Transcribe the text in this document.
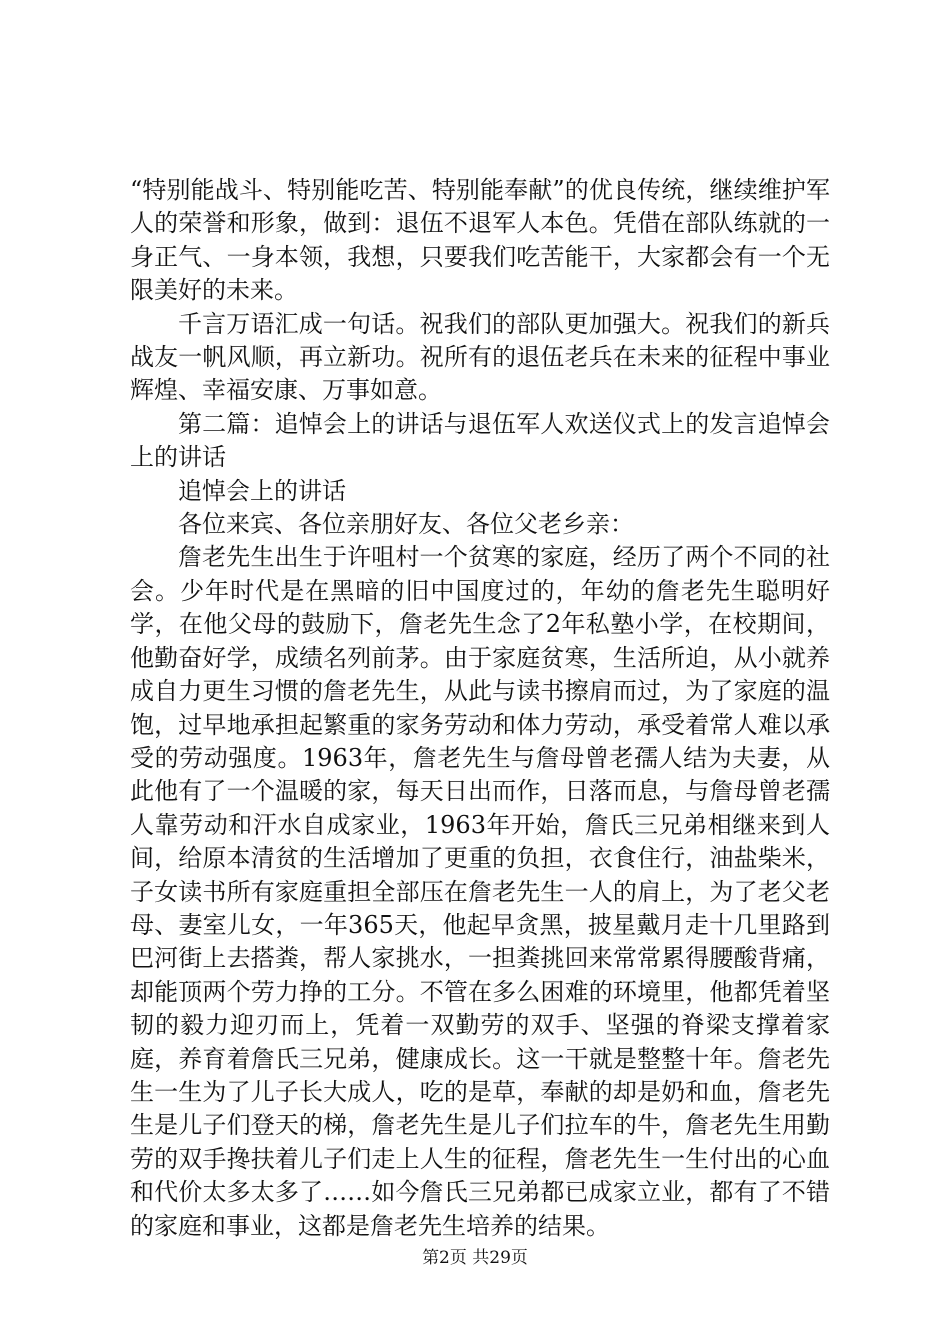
“特别能战斗、特别能吃苦、特别能奉献”的优良传统，继续维护军人的荣誉和形象，做到：退伍不退军人本色。凭借在部队练就的一身正气、一身本领，我想，只要我们吃苦能干，大家都会有一个无限美好的未来。

千言万语汇成一句话。祝我们的部队更加强大。祝我们的新兵战友一帆风顺，再立新功。祝所有的退伍老兵在未来的征程中事业辉煌、幸福安康、万事如意。

第二篇：追悼会上的讲话与退伍军人欢送仪式上的发言追悼会上的讲话

追悼会上的讲话

各位来宾、各位亲朋好友、各位父老乡亲：

詹老先生出生于许咀村一个贫寒的家庭，经历了两个不同的社会。少年时代是在黑暗的旧中国度过的，年幼的詹老先生聪明好学，在他父母的鼓励下，詹老先生念了2年私塾小学，在校期间，他勤奋好学，成绩名列前茅。由于家庭贫寒，生活所迫，从小就养成自力更生习惯的詹老先生，从此与读书擦肩而过，为了家庭的温饱，过早地承担起繁重的家务劳动和体力劳动，承受着常人难以承受的劳动强度。1963年，詹老先生与詹母曾老孺人结为夫妻，从此他有了一个温暖的家，每天日出而作，日落而息，与詹母曾老孺人靠劳动和汗水自成家业，1963年开始，詹氏三兄弟相继来到人间，给原本清贫的生活增加了更重的负担，衣食住行，油盐柴米，子女读书所有家庭重担全部压在詹老先生一人的肩上，为了老父老母、妻室儿女，一年365天，他起早贪黑，披星戴月走十几里路到巴河街上去搭粪，帮人家挑水，一担粪挑回来常常累得腰酸背痛，却能顶两个劳力挣的工分。不管在多么困难的环境里，他都凭着坚韧的毅力迎刃而上，凭着一双勤劳的双手、坚强的脊梁支撑着家庭，养育着詹氏三兄弟，健康成长。这一干就是整整十年。詹老先生一生为了儿子长大成人，吃的是草，奉献的却是奶和血，詹老先生是儿子们登天的梯，詹老先生是儿子们拉车的牛，詹老先生用勤劳的双手搀扶着儿子们走上人生的征程，詹老先生一生付出的心血和代价太多太多了……如今詹氏三兄弟都已成家立业，都有了不错的家庭和事业，这都是詹老先生培养的结果。

第2页 共29页
